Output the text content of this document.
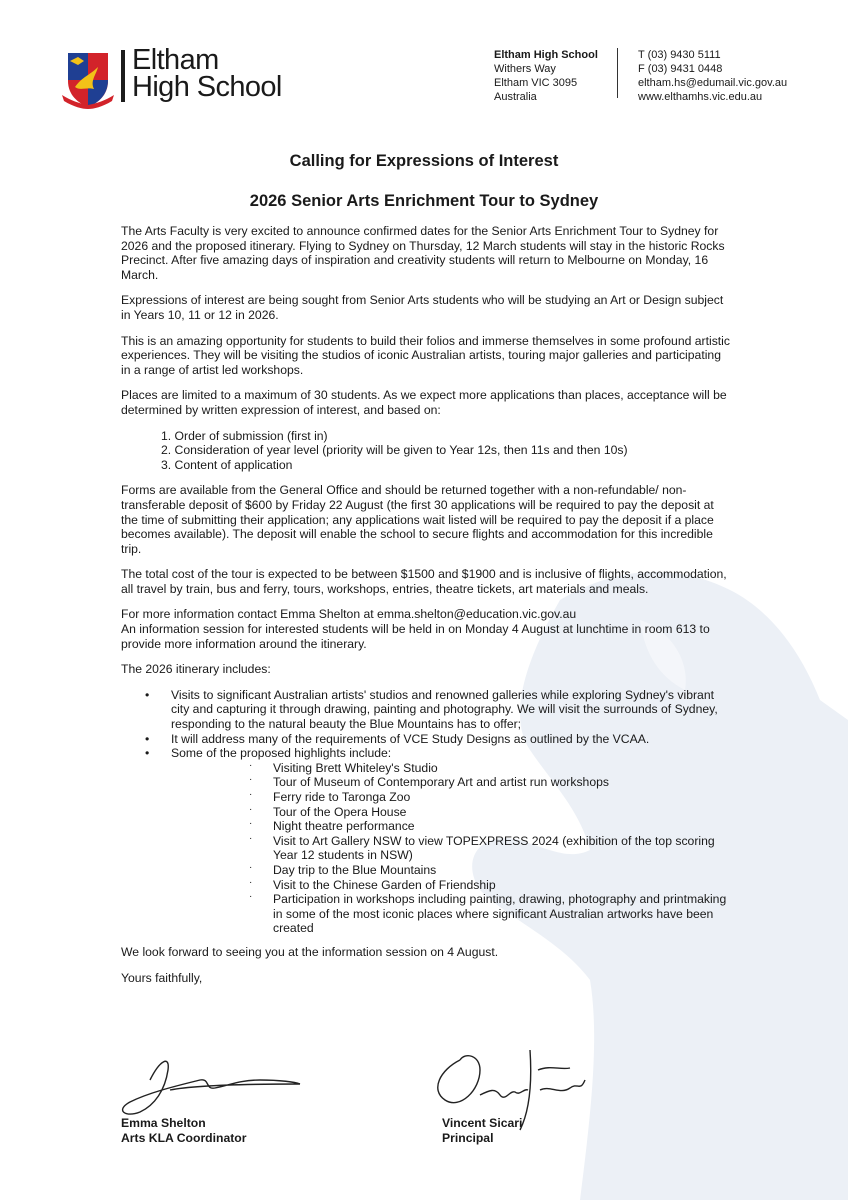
Eltham
High School
Eltham High School
Withers Way
Eltham VIC 3095
Australia
T (03) 9430 5111
F (03) 9431 0448
eltham.hs@edumail.vic.gov.au
www.elthamhs.vic.edu.au
Calling for Expressions of Interest
2026 Senior Arts Enrichment Tour to Sydney

The Arts Faculty is very excited to announce confirmed dates for the Senior Arts Enrichment Tour to Sydney for 2026 and the proposed itinerary. Flying to Sydney on Thursday, 12 March students will stay in the historic Rocks Precinct. After five amazing days of inspiration and creativity students will return to Melbourne on Monday, 16 March.

Expressions of interest are being sought from Senior Arts students who will be studying an Art or Design subject in Years 10, 11 or 12 in 2026.

This is an amazing opportunity for students to build their folios and immerse themselves in some profound artistic experiences. They will be visiting the studios of iconic Australian artists, touring major galleries and participating in a range of artist led workshops.

Places are limited to a maximum of 30 students. As we expect more applications than places, acceptance will be determined by written expression of interest, and based on:

1. Order of submission (first in)
2. Consideration of year level (priority will be given to Year 12s, then 11s and then 10s)
3. Content of application

Forms are available from the General Office and should be returned together with a non-refundable/ non-transferable deposit of $600 by Friday 22 August (the first 30 applications will be required to pay the deposit at the time of submitting their application; any applications wait listed will be required to pay the deposit if a place becomes available). The deposit will enable the school to secure flights and accommodation for this incredible trip.

The total cost of the tour is expected to be between $1500 and $1900 and is inclusive of flights, accommodation, all travel by train, bus and ferry, tours, workshops, entries, theatre tickets, art materials and meals.

For more information contact Emma Shelton at emma.shelton@education.vic.gov.au
An information session for interested students will be held in on Monday 4 August at lunchtime in room 613 to provide more information around the itinerary.

The 2026 itinerary includes:

• Visits to significant Australian artists' studios and renowned galleries while exploring Sydney's vibrant city and capturing it through drawing, painting and photography. We will visit the surrounds of Sydney, responding to the natural beauty the Blue Mountains has to offer;
• It will address many of the requirements of VCE Study Designs as outlined by the VCAA.
• Some of the proposed highlights include:
· Visiting Brett Whiteley's Studio
· Tour of Museum of Contemporary Art and artist run workshops
· Ferry ride to Taronga Zoo
· Tour of the Opera House
· Night theatre performance
· Visit to Art Gallery NSW to view TOPEXPRESS 2024 (exhibition of the top scoring Year 12 students in NSW)
· Day trip to the Blue Mountains
· Visit to the Chinese Garden of Friendship
· Participation in workshops including painting, drawing, photography and printmaking in some of the most iconic places where significant Australian artworks have been created

We look forward to seeing you at the information session on 4 August.

Yours faithfully,

Emma Shelton
Arts KLA Coordinator
Vincent Sicari
Principal
